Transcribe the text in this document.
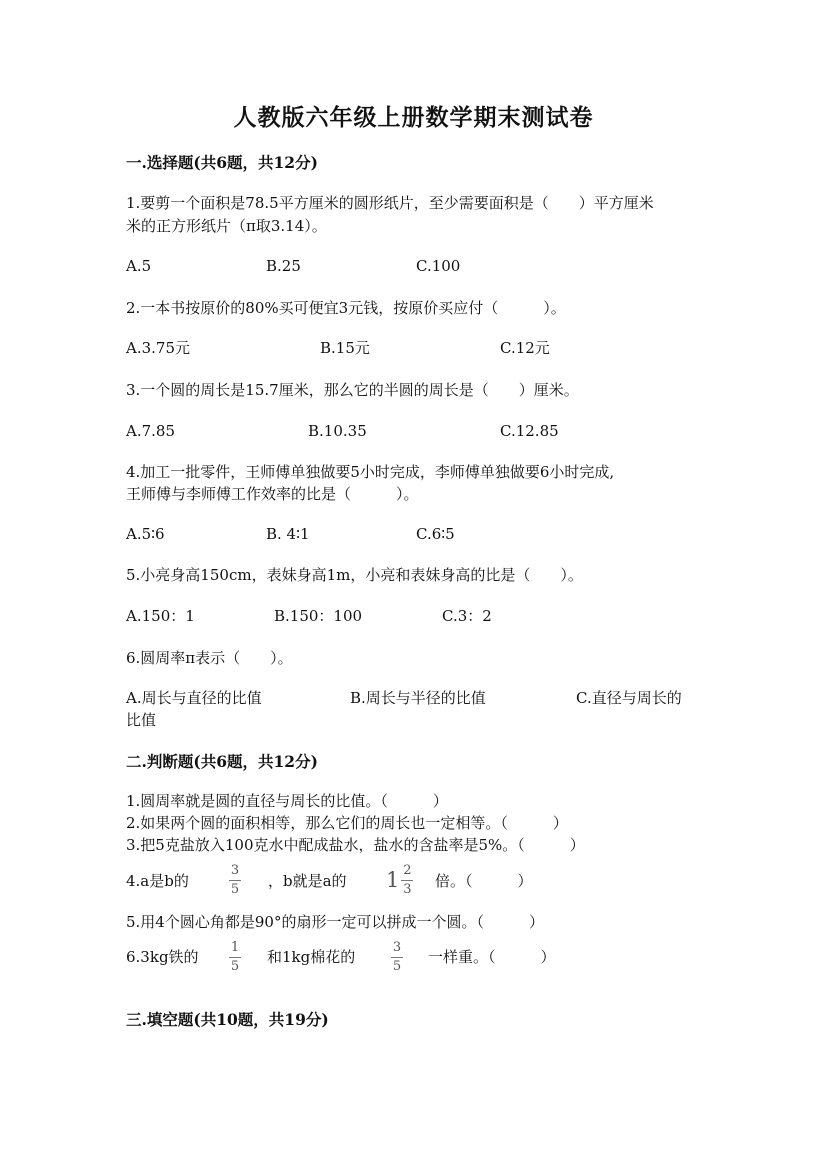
人教版六年级上册数学期末测试卷
一.选择题(共6题，共12分)
1.要剪一个面积是78.5平方厘米的圆形纸片，至少需要面积是（　　）平方厘米
米的正方形纸片（π取3.14）。
A.5	B.25	C.100
2.一本书按原价的80%买可便宜3元钱，按原价买应付（　　　）。
A.3.75元	B.15元	C.12元
3.一个圆的周长是15.7厘米，那么它的半圆的周长是（　　）厘米。
A.7.85	B.10.35	C.12.85
4.加工一批零件，王师傅单独做要5小时完成，李师傅单独做要6小时完成,
王师傅与李师傅工作效率的比是（　　　）。
A.5∶6	B. 4∶1	C.6∶5
5.小亮身高150cm，表妹身高1m，小亮和表妹身高的比是（　　）。
A.150：1	B.150：100	C.3：2
6.圆周率π表示（　　）。
A.周长与直径的比值	B.周长与半径的比值	C.直径与周长的
比值
二.判断题(共6题，共12分)
1.圆周率就是圆的直径与周长的比值。（　　　）
2.如果两个圆的面积相等，那么它们的周长也一定相等。（　　　）
3.把5克盐放入100克水中配成盐水，盐水的含盐率是5%。（　　　）
4.a是b的
3
5 ，b就是a的 $1 \frac{2}{3}$ 倍。（　　　）
5.用4个圆心角都是90°的扇形一定可以拼成一个圆。（　　　）
6.3kg铁的
1
5
和1kg棉花的
3
5
一样重。（　　　）
三.填空题(共10题，共19分)
